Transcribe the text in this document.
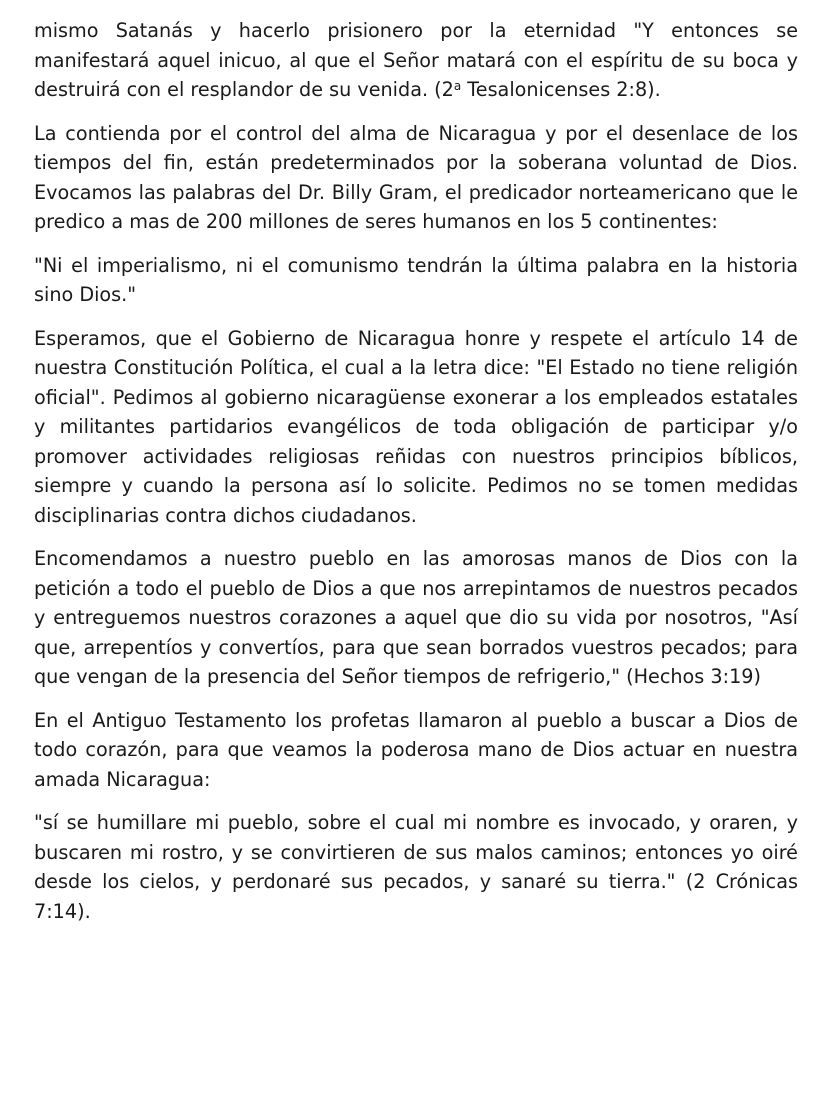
mismo Satanás y hacerlo prisionero por la eternidad "Y entonces se manifestará aquel inicuo, al que el Señor matará con el espíritu de su boca y destruirá con el resplandor de su venida. (2$^a$ Tesalonicenses 2:8).

La contienda por el control del alma de Nicaragua y por el desenlace de los tiempos del fin, están predeterminados por la soberana voluntad de Dios. Evocamos las palabras del Dr. Billy Gram, el predicador norteamericano que le predico a mas de 200 millones de seres humanos en los 5 continentes:

"Ni el imperialismo, ni el comunismo tendrán la última palabra en la historia sino Dios."

Esperamos, que el Gobierno de Nicaragua honre y respete el artículo 14 de nuestra Constitución Política, el cual a la letra dice: "El Estado no tiene religión oficial". Pedimos al gobierno nicaragüense exonerar a los empleados estatales y militantes partidarios evangélicos de toda obligación de participar y/o promover actividades religiosas reñidas con nuestros principios bíblicos, siempre y cuando la persona así lo solicite. Pedimos no se tomen medidas disciplinarias contra dichos ciudadanos.

Encomendamos a nuestro pueblo en las amorosas manos de Dios con la petición a todo el pueblo de Dios a que nos arrepintamos de nuestros pecados y entreguemos nuestros corazones a aquel que dio su vida por nosotros, "Así que, arrepentíos y convertíos, para que sean borrados vuestros pecados; para que vengan de la presencia del Señor tiempos de refrigerio," (Hechos 3:19)

En el Antiguo Testamento los profetas llamaron al pueblo a buscar a Dios de todo corazón, para que veamos la poderosa mano de Dios actuar en nuestra amada Nicaragua:

"sí se humillare mi pueblo, sobre el cual mi nombre es invocado, y oraren, y buscaren mi rostro, y se convirtieren de sus malos caminos; entonces yo oiré desde los cielos, y perdonaré sus pecados, y sanaré su tierra." (2 Crónicas 7:14).
